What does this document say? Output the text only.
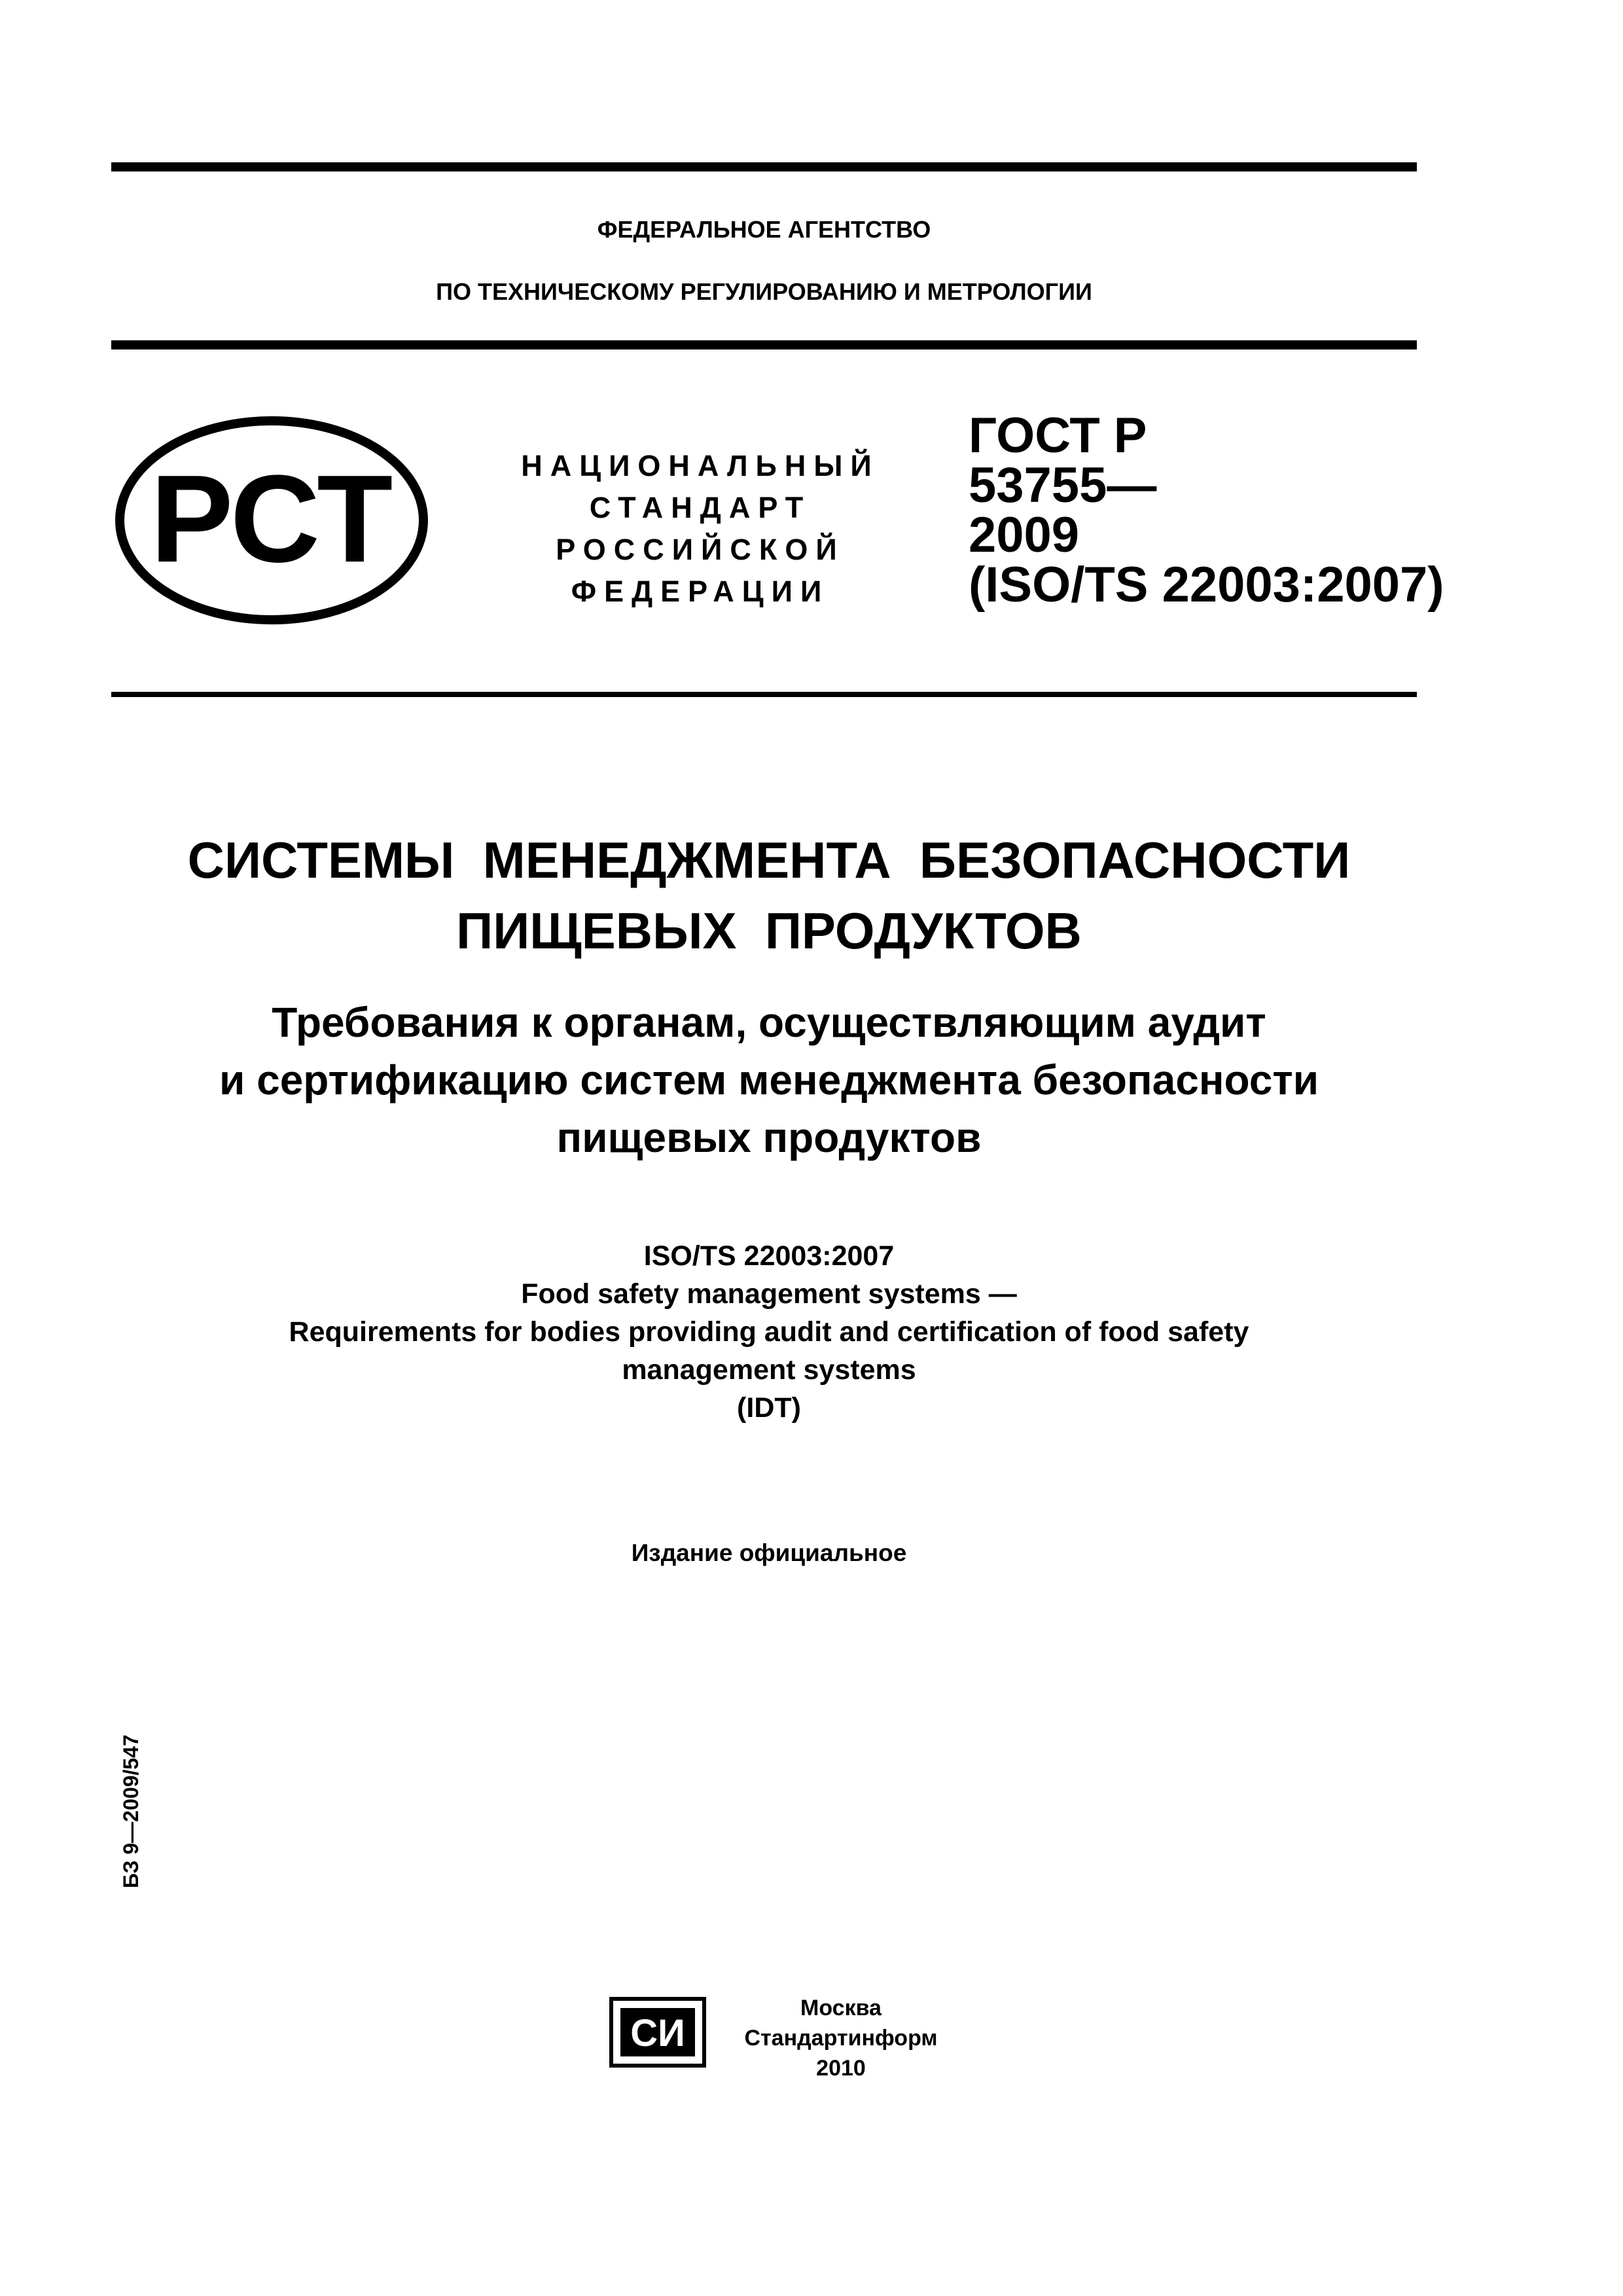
ФЕДЕРАЛЬНОЕ АГЕНТСТВО
ПО ТЕХНИЧЕСКОМУ РЕГУЛИРОВАНИЮ И МЕТРОЛОГИИ
РСТ	НАЦИОНАЛЬНЫЙ
СТАНДАРТ
РОССИЙСКОЙ
ФЕДЕРАЦИИ
ГОСТ Р
53755—
2009
(ISO/TS 22003:2007)
СИСТЕМЫ  МЕНЕДЖМЕНТА  БЕЗОПАСНОСТИ
ПИЩЕВЫХ  ПРОДУКТОВ
Требования к органам, осуществляющим аудит
и сертификацию систем менеджмента безопасности
пищевых продуктов
ISO/TS 22003:2007
Food safety management systems —
Requirements for bodies providing audit and certification of food safety
management systems
(IDT)
Издание официальное
БЗ 9—2009/547
СИ
Москва
Стандартинформ
2010
